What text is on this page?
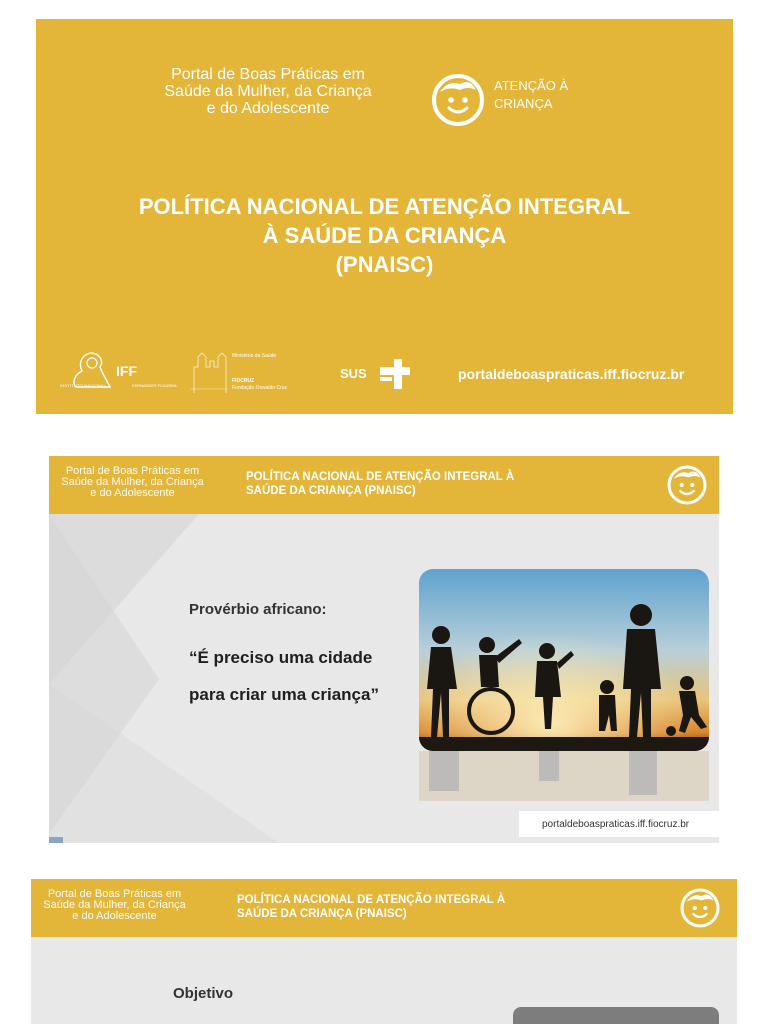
Portal de Boas Práticas em
Saúde da Mulher, da Criança
e do Adolescente
ATENÇÃO À
CRIANÇA
POLÍTICA NACIONAL DE ATENÇÃO INTEGRAL
À SAÚDE DA CRIANÇA
(PNAISC)
IFF
INSTITUTO NACIONAL	FERNANDES FIGUEIRA
Ministério da Saúde
FIOCRUZ
Fundação Oswaldo Cruz
SUS	portaldeboaspraticas.iff.fiocruz.br
Portal de Boas Práticas em
Saúde da Mulher, da Criança
e do Adolescente
POLÍTICA NACIONAL DE ATENÇÃO INTEGRAL À
SAÚDE DA CRIANÇA (PNAISC)
Provérbio africano:
“É preciso uma cidade
para criar uma criança”
portaldeboaspraticas.iff.fiocruz.br
Portal de Boas Práticas em
Saúde da Mulher, da Criança
e do Adolescente
POLÍTICA NACIONAL DE ATENÇÃO INTEGRAL À
SAÚDE DA CRIANÇA (PNAISC)
Objetivo
